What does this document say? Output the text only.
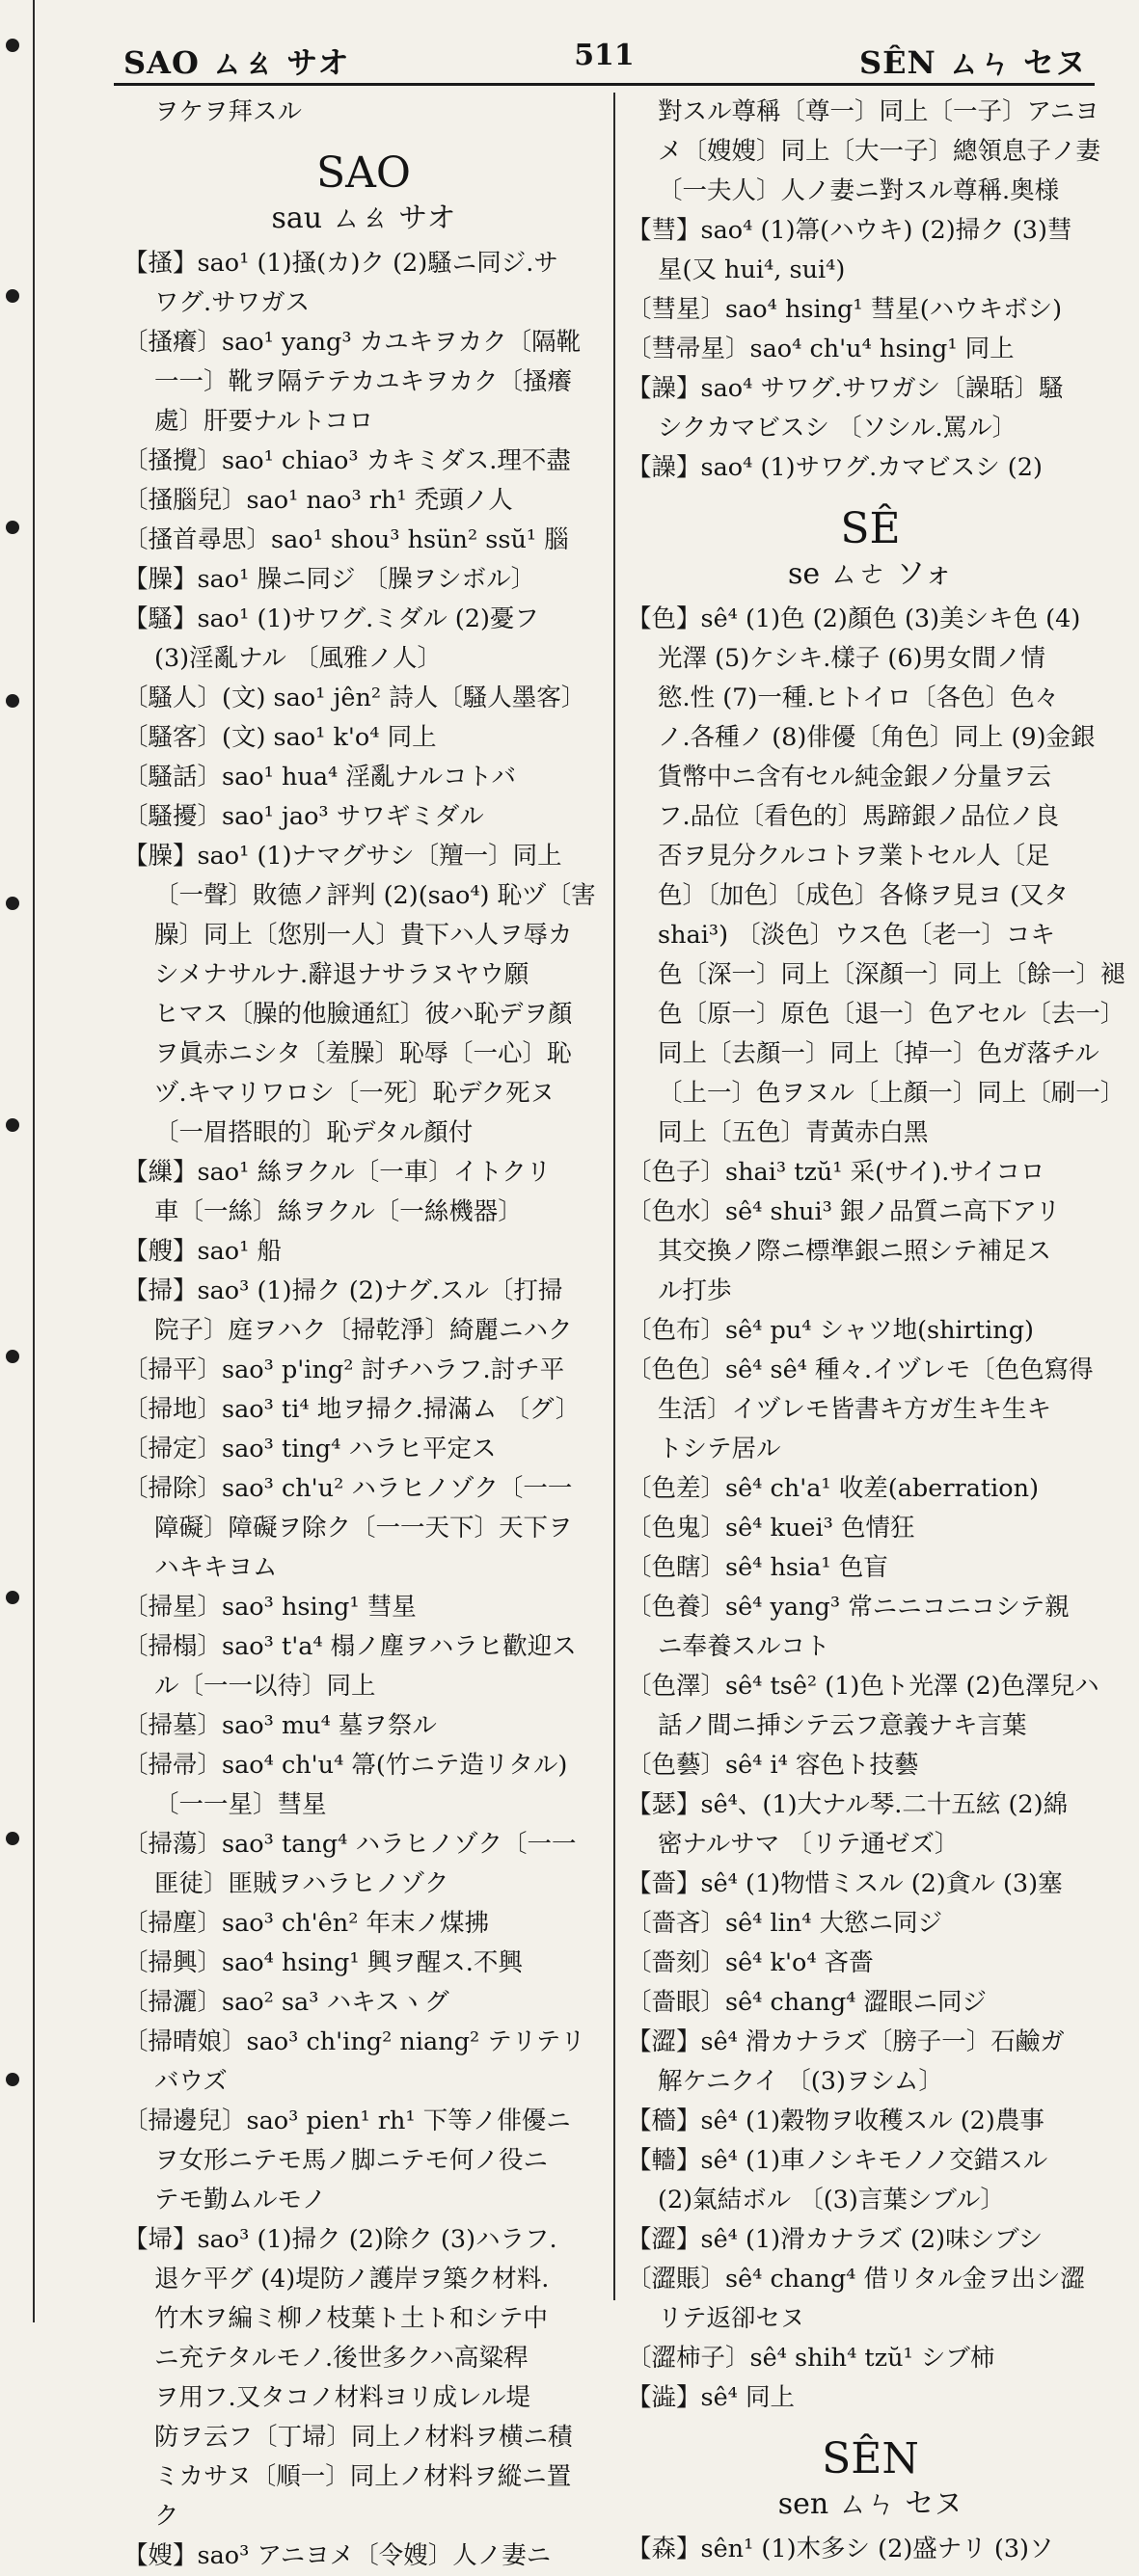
SAO ㄙㄠ サオ	511	SÊN ㄙㄣ セヌ
ヲケヲ拜スル
SAO
sau ㄙㄠ サオ
【搔】sao¹ (1)搔(カ)ク (2)騷ニ同ジ.サ
ワグ.サワガス
〔搔癢〕sao¹ yang³ カユキヲカク〔隔靴
一一〕靴ヲ隔テテカユキヲカク〔搔癢
處〕肝要ナルトコロ
〔搔攪〕sao¹ chiao³ カキミダス.理不盡
〔搔腦兒〕sao¹ nao³ rh¹ 禿頭ノ人
〔搔首尋思〕sao¹ shou³ hsün² ssŭ¹ 腦
【臊】sao¹ 臊ニ同ジ 〔臊ヲシボル〕
【騷】sao¹ (1)サワグ.ミダル (2)憂フ
(3)淫亂ナル 〔風雅ノ人〕
〔騷人〕(文) sao¹ jên² 詩人〔騷人墨客〕
〔騷客〕(文) sao¹ k'o⁴ 同上
〔騷話〕sao¹ hua⁴ 淫亂ナルコトバ
〔騷擾〕sao¹ jao³ サワギミダル
【臊】sao¹ (1)ナマグサシ〔羶一〕同上
〔一聲〕敗德ノ評判 (2)(sao⁴) 恥ヅ〔害
臊〕同上〔您別一人〕貴下ハ人ヲ辱カ
シメナサルナ.辭退ナサラヌヤウ願
ヒマス〔臊的他臉通紅〕彼ハ恥デヲ顏
ヲ眞赤ニシタ〔羞臊〕恥辱〔一心〕恥
ヅ.キマリワロシ〔一死〕恥デク死ヌ
〔一眉搭眼的〕恥デタル顏付
【繅】sao¹ 絲ヲクル〔一車〕イトクリ
車〔一絲〕絲ヲクル〔一絲機器〕
【艘】sao¹ 船
【掃】sao³ (1)掃ク (2)ナグ.スル〔打掃
院子〕庭ヲハク〔掃乾淨〕綺麗ニハク
〔掃平〕sao³ p'ing² 討チハラフ.討チ平
〔掃地〕sao³ ti⁴ 地ヲ掃ク.掃滿ム 〔グ〕
〔掃定〕sao³ ting⁴ ハラヒ平定ス
〔掃除〕sao³ ch'u² ハラヒノゾク〔一一
障礙〕障礙ヲ除ク〔一一天下〕天下ヲ
ハキキヨム
〔掃星〕sao³ hsing¹ 彗星
〔掃榻〕sao³ t'a⁴ 榻ノ塵ヲハラヒ歡迎ス
ル〔一一以待〕同上
〔掃墓〕sao³ mu⁴ 墓ヲ祭ル
〔掃帚〕sao⁴ ch'u⁴ 箒(竹ニテ造リタル)
〔一一星〕彗星
〔掃蕩〕sao³ tang⁴ ハラヒノゾク〔一一
匪徒〕匪賊ヲハラヒノゾク
〔掃塵〕sao³ ch'ên² 年末ノ煤拂
〔掃興〕sao⁴ hsing¹ 興ヲ醒ス.不興
〔掃灑〕sao² sa³ ハキスヽグ
〔掃晴娘〕sao³ ch'ing² niang² テリテリ
バウズ
〔掃邊兒〕sao³ pien¹ rh¹ 下等ノ俳優ニ
ヲ女形ニテモ馬ノ脚ニテモ何ノ役ニ
テモ勤ムルモノ
【埽】sao³ (1)掃ク (2)除ク (3)ハラフ.
退ケ平グ (4)堤防ノ護岸ヲ築ク材料.
竹木ヲ編ミ柳ノ枝葉ト土ト和シテ中
ニ充テタルモノ.後世多クハ高粱稈
ヲ用フ.又タコノ材料ヨリ成レル堤
防ヲ云フ〔丁埽〕同上ノ材料ヲ横ニ積
ミカサヌ〔順一〕同上ノ材料ヲ縱ニ置
ク
【嫂】sao³ アニヨメ〔令嫂〕人ノ妻ニ
對スル尊稱〔尊一〕同上〔一子〕アニヨ
メ〔嫂嫂〕同上〔大一子〕總領息子ノ妻
〔一夫人〕人ノ妻ニ對スル尊稱.奥様
【彗】sao⁴ (1)箒(ハウキ) (2)掃ク (3)彗
星(又 hui⁴, sui⁴)
〔彗星〕sao⁴ hsing¹ 彗星(ハウキボシ)
〔彗帚星〕sao⁴ ch'u⁴ hsing¹ 同上
【譟】sao⁴ サワグ.サワガシ〔譟聒〕騷
シクカマビスシ 〔ソシル.罵ル〕
【譟】sao⁴ (1)サワグ.カマビスシ (2)
SÊ
se ㄙㄜ ソォ
【色】sê⁴ (1)色 (2)顏色 (3)美シキ色 (4)
光澤 (5)ケシキ.樣子 (6)男女間ノ情
慾.性 (7)一種.ヒトイロ〔各色〕色々
ノ.各種ノ (8)俳優〔角色〕同上 (9)金銀
貨幣中ニ含有セル純金銀ノ分量ヲ云
フ.品位〔看色的〕馬蹄銀ノ品位ノ良
否ヲ見分クルコトヲ業トセル人〔足
色〕〔加色〕〔成色〕各條ヲ見ヨ (又タ
shai³) 〔淡色〕ウス色〔老一〕コキ
色〔深一〕同上〔深顏一〕同上〔餘一〕褪
色〔原一〕原色〔退一〕色アセル〔去一〕
同上〔去顏一〕同上〔掉一〕色ガ落チル
〔上一〕色ヲヌル〔上顏一〕同上〔刷一〕
同上〔五色〕青黃赤白黑
〔色子〕shai³ tzŭ¹ 采(サイ).サイコロ
〔色水〕sê⁴ shui³ 銀ノ品質ニ高下アリ
其交換ノ際ニ標準銀ニ照シテ補足ス
ル打歩
〔色布〕sê⁴ pu⁴ シャツ地(shirting)
〔色色〕sê⁴ sê⁴ 種々.イヅレモ〔色色寫得
生活〕イヅレモ皆書キ方ガ生キ生キ
トシテ居ル
〔色差〕sê⁴ ch'a¹ 收差(aberration)
〔色鬼〕sê⁴ kuei³ 色情狂
〔色瞎〕sê⁴ hsia¹ 色盲
〔色養〕sê⁴ yang³ 常ニニコニコシテ親
ニ奉養スルコト
〔色澤〕sê⁴ tsê² (1)色ト光澤 (2)色澤兒ハ
話ノ間ニ挿シテ云フ意義ナキ言葉
〔色藝〕sê⁴ i⁴ 容色ト技藝
【瑟】sê⁴、(1)大ナル琴.二十五絃 (2)綿
密ナルサマ 〔リテ通ゼズ〕
【嗇】sê⁴ (1)物惜ミスル (2)貪ル (3)塞
〔嗇吝〕sê⁴ lin⁴ 大慾ニ同ジ
〔嗇刻〕sê⁴ k'o⁴ 吝嗇
〔嗇眼〕sê⁴ chang⁴ 澀眼ニ同ジ
【澀】sê⁴ 滑カナラズ〔膀子一〕石鹼ガ
解ケニクイ 〔(3)ヲシム〕
【穡】sê⁴ (1)穀物ヲ收穫スル (2)農事
【轖】sê⁴ (1)車ノシキモノノ交錯スル
(2)氣結ボル 〔(3)言葉シブル〕
【澀】sê⁴ (1)滑カナラズ (2)味シブシ
〔澀賬〕sê⁴ chang⁴ 借リタル金ヲ出シ澀
リテ返卻セヌ
〔澀柿子〕sê⁴ shih⁴ tzŭ¹ シブ柿
【澁】sê⁴ 同上
SÊN
sen ㄙㄣ セヌ
【森】sên¹ (1)木多シ (2)盛ナリ (3)ソ
